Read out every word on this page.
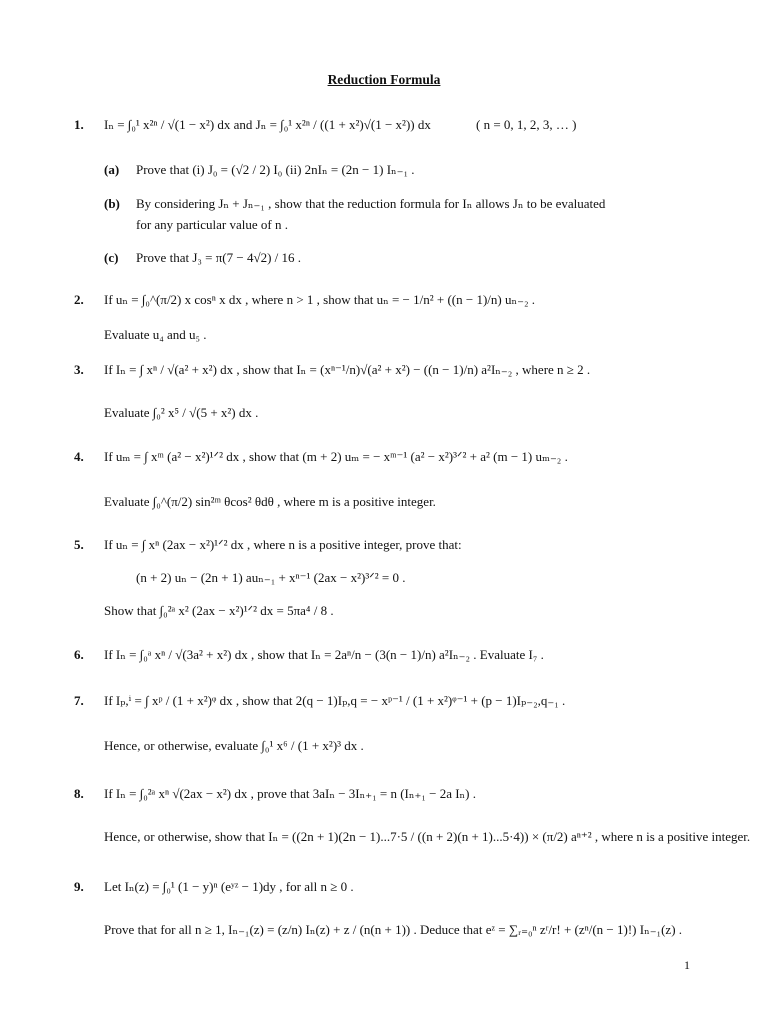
Reduction Formula
1. Iₙ = ∫₀¹ x²ⁿ / √(1 − x²) dx and Jₙ = ∫₀¹ x²ⁿ / ((1 + x²)√(1 − x²)) dx	( n = 0, 1, 2, 3, … )
(a) Prove that (i) J₀ = (√2 / 2) I₀ (ii) 2nIₙ = (2n − 1) Iₙ₋₁ .
(b) By considering Jₙ + Jₙ₋₁ , show that the reduction formula for Iₙ allows Jₙ to be evaluated
for any particular value of n .
(c) Prove that J₃ = π(7 − 4√2) / 16 .
2. If uₙ = ∫₀^(π/2) x cosⁿ x dx , where n > 1 , show that uₙ = − 1/n² + ((n − 1)/n) uₙ₋₂ .
Evaluate u₄ and u₅ .
3. If Iₙ = ∫ xⁿ / √(a² + x²) dx , show that Iₙ = (xⁿ⁻¹/n)√(a² + x²) − ((n − 1)/n) a²Iₙ₋₂ , where n ≥ 2 .
Evaluate ∫₀² x⁵ / √(5 + x²) dx .
4. If uₘ = ∫ xᵐ (a² − x²)¹ᐟ² dx , show that (m + 2) uₘ = − xᵐ⁻¹ (a² − x²)³ᐟ² + a² (m − 1) uₘ₋₂ .
Evaluate ∫₀^(π/2) sin²ᵐ θcos² θdθ , where m is a positive integer.
5. If uₙ = ∫ xⁿ (2ax − x²)¹ᐟ² dx , where n is a positive integer, prove that:
(n + 2) uₙ − (2n + 1) auₙ₋₁ + xⁿ⁻¹ (2ax − x²)³ᐟ² = 0 .
Show that ∫₀²ᵃ x² (2ax − x²)¹ᐟ² dx = 5πa⁴ / 8 .
6. If Iₙ = ∫₀ᵃ xⁿ / √(3a² + x²) dx , show that Iₙ = 2aⁿ/n − (3(n − 1)/n) a²Iₙ₋₂ . Evaluate I₇ .
7. If Iₚ,ⁱ = ∫ xᵖ / (1 + x²)ᵠ dx , show that 2(q − 1)Iₚ,q = − xᵖ⁻¹ / (1 + x²)ᵠ⁻¹ + (p − 1)Iₚ₋₂,q₋₁ .
Hence, or otherwise, evaluate ∫₀¹ x⁶ / (1 + x²)³ dx .
8. If Iₙ = ∫₀²ᵃ xⁿ √(2ax − x²) dx , prove that 3aIₙ − 3Iₙ₊₁ = n (Iₙ₊₁ − 2a Iₙ) .
Hence, or otherwise, show that Iₙ = ((2n + 1)(2n − 1)...7·5 / ((n + 2)(n + 1)...5·4)) × (π/2) aⁿ⁺² , where n is a positive integer.
9. Let Iₙ(z) = ∫₀¹ (1 − y)ⁿ (eʸᶻ − 1)dy , for all n ≥ 0 .
Prove that for all n ≥ 1, Iₙ₋₁(z) = (z/n) Iₙ(z) + z / (n(n + 1)) . Deduce that eᶻ = ∑ᵣ₌₀ⁿ zʳ/r! + (zⁿ/(n − 1)!) Iₙ₋₁(z) .
1
